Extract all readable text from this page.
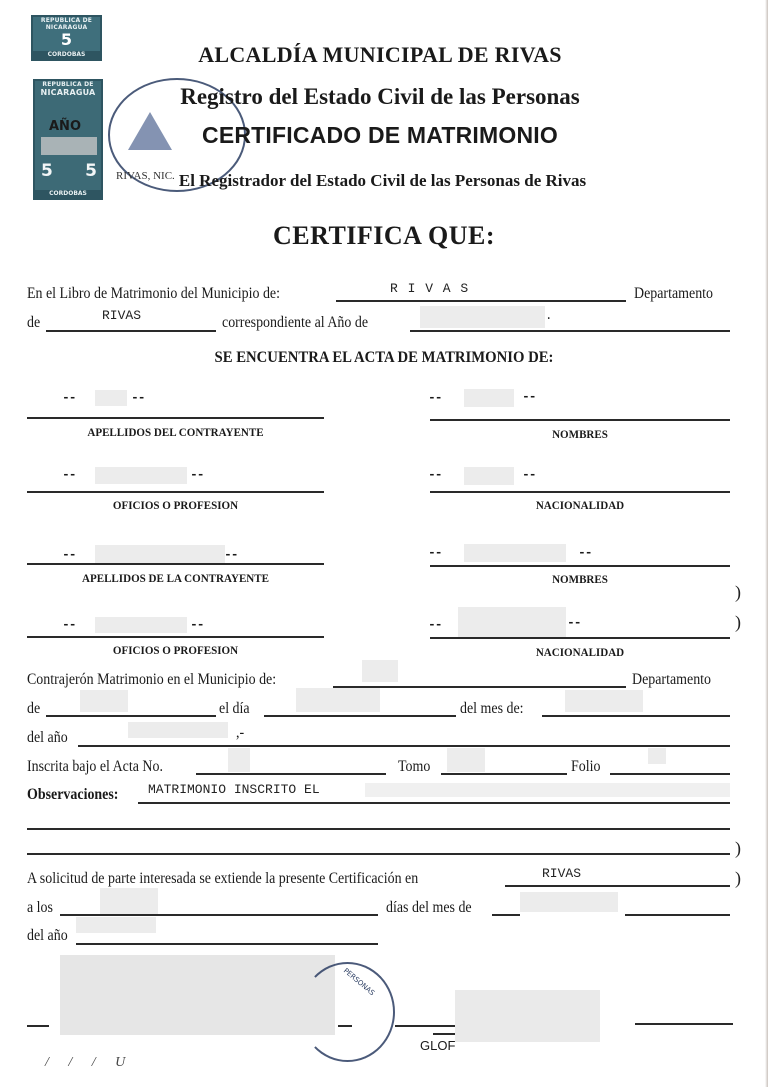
REPUBLICA DE
NICARAGUA
5
CORDOBAS
REPUBLICA DE
NICARAGUA
AÑO
5 5
CORDOBAS
RIVAS, NIC.
ALCALDÍA MUNICIPAL DE RIVAS
Registro del Estado Civil de las Personas
CERTIFICADO DE MATRIMONIO
El Registrador del Estado Civil de las Personas de Rivas
CERTIFICA QUE:
En el Libro de Matrimonio del Municipio de:	R I V A S	Departamento
de	RIVAS	correspondiente al Año de	.
SE ENCUENTRA EL ACTA DE MATRIMONIO DE:
--	--
APELLIDOS DEL CONTRAYENTE
--	--
NOMBRES
--	--
OFICIOS O PROFESION
--	--
NACIONALIDAD
--	--
APELLIDOS DE LA CONTRAYENTE
--	--
NOMBRES
--	--
OFICIOS O PROFESION
--	--
NACIONALIDAD
)
)
Contrajerón Matrimonio en el Municipio de:	Departamento
de	el día	del mes de:
del año	,-
Inscrita bajo el Acta No.	Tomo	Folio
Observaciones: MATRIMONIO INSCRITO EL
)
)
A solicitud de parte interesada se extiende la presente Certificación en	RIVAS
a los	días del mes de
del año
PERSONAS
GLOF
/ / / U
